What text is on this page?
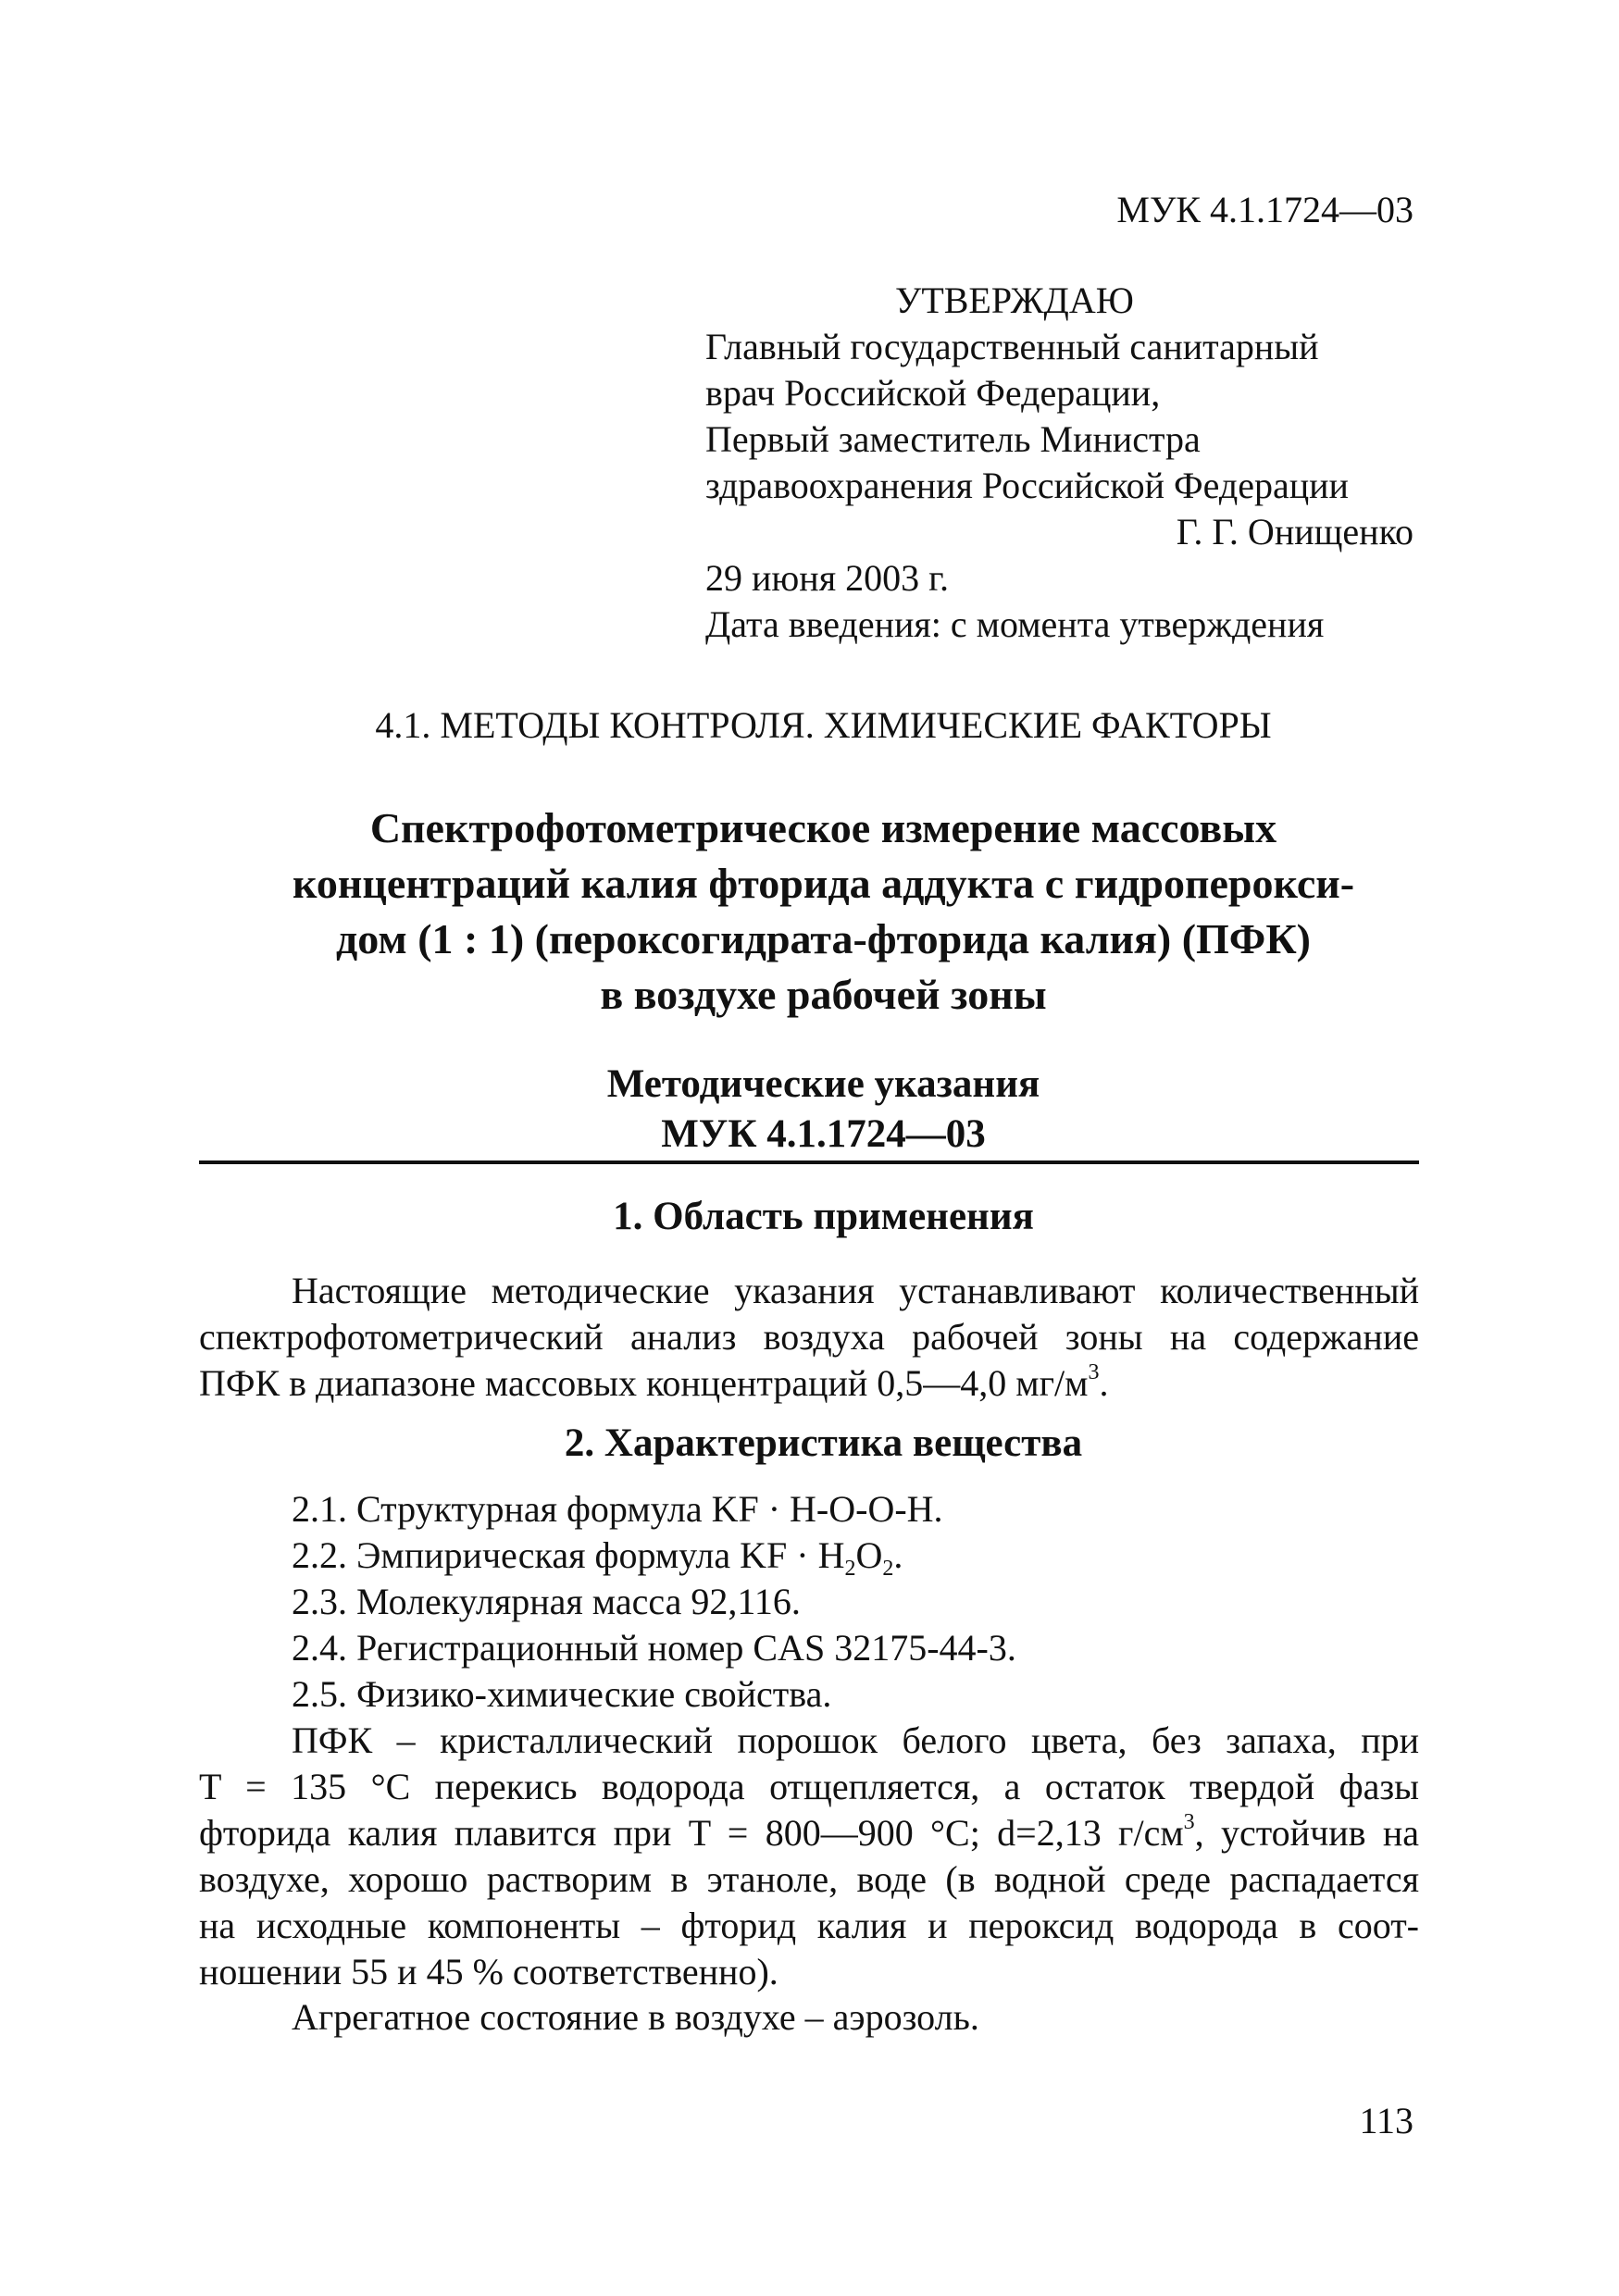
МУК 4.1.1724—03
УТВЕРЖДАЮ
Главный государственный санитарный
врач Российской Федерации,
Первый заместитель Министра
здравоохранения Российской Федерации
Г. Г. Онищенко
29 июня 2003 г.
Дата введения: с момента утверждения
4.1. МЕТОДЫ КОНТРОЛЯ. ХИМИЧЕСКИЕ ФАКТОРЫ
Спектрофотометрическое измерение массовых
концентраций калия фторида аддукта с гидроперокси-
дом (1 : 1) (пероксогидрата-фторида калия) (ПФК)
в воздухе рабочей зоны
Методические указания
МУК 4.1.1724—03
1. Область применения
Настоящие методические указания устанавливают количественный
спектрофотометрический анализ воздуха рабочей зоны на содержание
ПФК в диапазоне массовых концентраций 0,5—4,0 $мг/м^3$.
2. Характеристика вещества
2.1. Структурная формула KF · H-O-O-H.
2.2. Эмпирическая формула KF · $H_2O_2$.
2.3. Молекулярная масса 92,116.
2.4. Регистрационный номер CAS 32175-44-3.
2.5. Физико-химические свойства.
ПФК – кристаллический порошок белого цвета, без запаха, при
T = 135 °C перекись водорода отщепляется, а остаток твердой фазы
фторида калия плавится при T = 800—900 °C; d=2,13 $г/см^3$, устойчив на
воздухе, хорошо растворим в этаноле, воде (в водной среде распадается
на исходные компоненты – фторид калия и пероксид водорода в соот-
ношении 55 и 45 % соответственно).
Агрегатное состояние в воздухе – аэрозоль.
113
